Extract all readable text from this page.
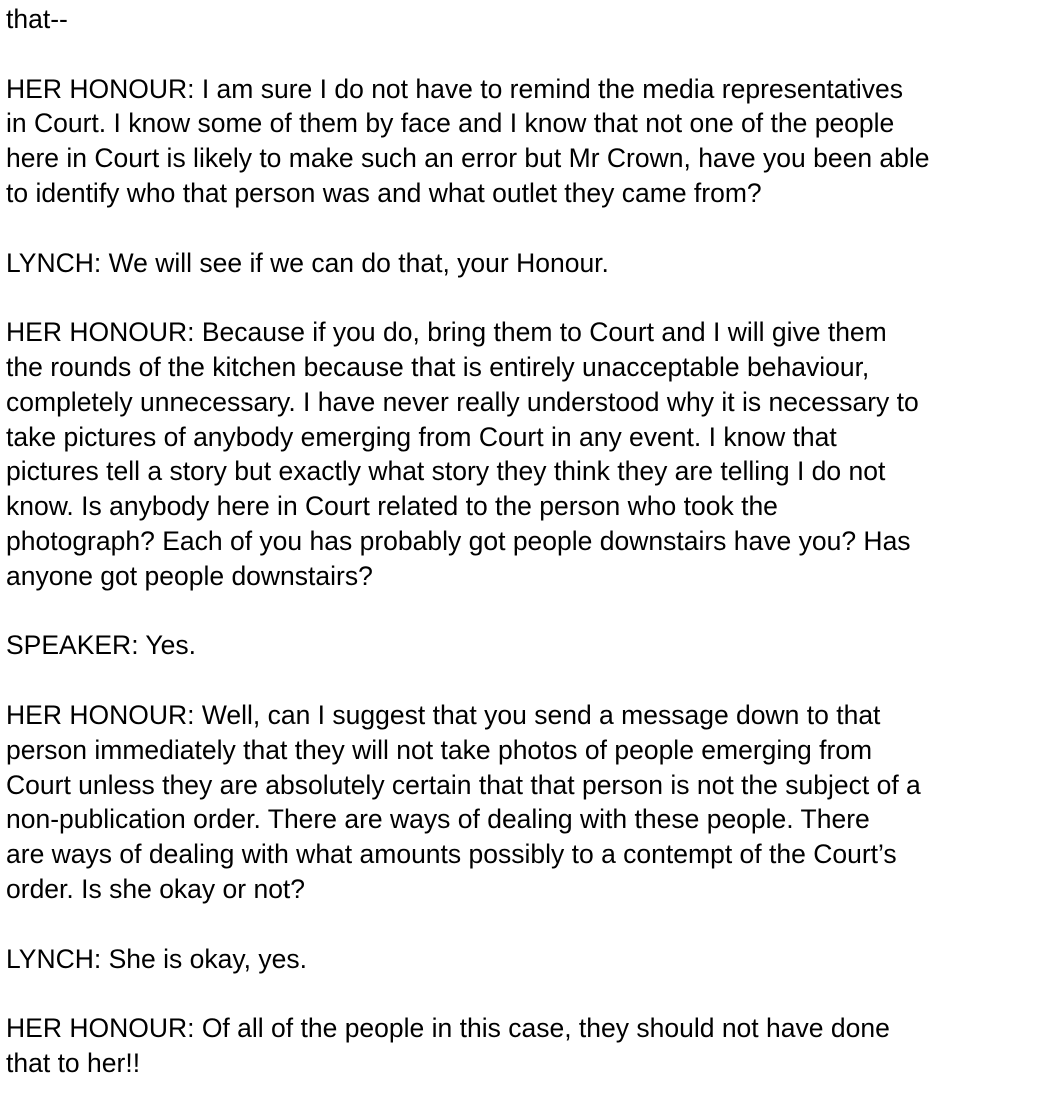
that--
HER HONOUR: I am sure I do not have to remind the media representatives
in Court. I know some of them by face and I know that not one of the people
here in Court is likely to make such an error but Mr Crown, have you been able
to identify who that person was and what outlet they came from?
LYNCH: We will see if we can do that, your Honour.
HER HONOUR: Because if you do, bring them to Court and I will give them
the rounds of the kitchen because that is entirely unacceptable behaviour,
completely unnecessary. I have never really understood why it is necessary to
take pictures of anybody emerging from Court in any event. I know that
pictures tell a story but exactly what story they think they are telling I do not
know. Is anybody here in Court related to the person who took the
photograph? Each of you has probably got people downstairs have you? Has
anyone got people downstairs?
SPEAKER: Yes.
HER HONOUR: Well, can I suggest that you send a message down to that
person immediately that they will not take photos of people emerging from
Court unless they are absolutely certain that that person is not the subject of a
non-publication order. There are ways of dealing with these people. There
are ways of dealing with what amounts possibly to a contempt of the Court’s
order. Is she okay or not?
LYNCH: She is okay, yes.
HER HONOUR: Of all of the people in this case, they should not have done
that to her!!
